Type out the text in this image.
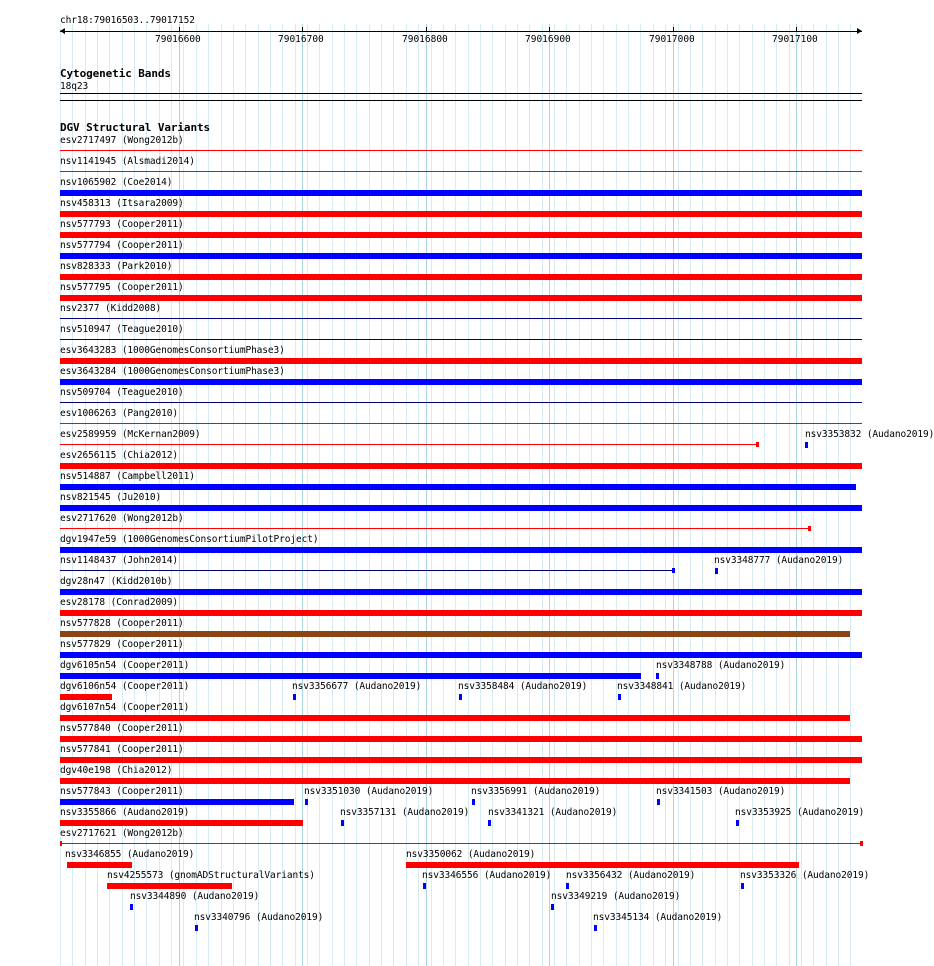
chr18:79016503..79017152
79016600	79016700	79016800	79016900	79017000	79017100
Cytogenetic Bands
18q23
DGV Structural Variants
esv2717497 (Wong2012b)
nsv1141945 (Alsmadi2014)
nsv1065902 (Coe2014)
nsv458313 (Itsara2009)
nsv577793 (Cooper2011)
nsv577794 (Cooper2011)
nsv828333 (Park2010)
nsv577795 (Cooper2011)
nsv2377 (Kidd2008)
nsv510947 (Teague2010)
esv3643283 (1000GenomesConsortiumPhase3)
esv3643284 (1000GenomesConsortiumPhase3)
nsv509704 (Teague2010)
esv1006263 (Pang2010)
esv2589959 (McKernan2009)
esv2656115 (Chia2012)
nsv514887 (Campbell2011)
nsv821545 (Ju2010)
esv2717620 (Wong2012b)
dgv1947e59 (1000GenomesConsortiumPilotProject)
nsv1148437 (John2014)
dgv28n47 (Kidd2010b)
esv28178 (Conrad2009)
nsv577828 (Cooper2011)
nsv577829 (Cooper2011)
dgv6105n54 (Cooper2011)
dgv6106n54 (Cooper2011)
dgv6107n54 (Cooper2011)
nsv577840 (Cooper2011)
nsv577841 (Cooper2011)
dgv40e198 (Chia2012)
nsv577843 (Cooper2011)
nsv3355866 (Audano2019)
esv2717621 (Wong2012b)
nsv3353832 (Audano2019)
nsv3348777 (Audano2019)
nsv3348788 (Audano2019)
nsv3356677 (Audano2019)	nsv3358484 (Audano2019)	nsv3348841 (Audano2019)
nsv3351030 (Audano2019)	nsv3356991 (Audano2019)	nsv3341503 (Audano2019)
nsv3357131 (Audano2019) nsv3341321 (Audano2019)	nsv3353925 (Audano2019)
nsv3346855 (Audano2019)	nsv3350062 (Audano2019)
nsv4255573 (gnomADStructuralVariants)	nsv3346556 (Audano2019) nsv3356432 (Audano2019)	nsv3353326 (Audano2019)
nsv3344890 (Audano2019)	nsv3349219 (Audano2019)
nsv3340796 (Audano2019)	nsv3345134 (Audano2019)
